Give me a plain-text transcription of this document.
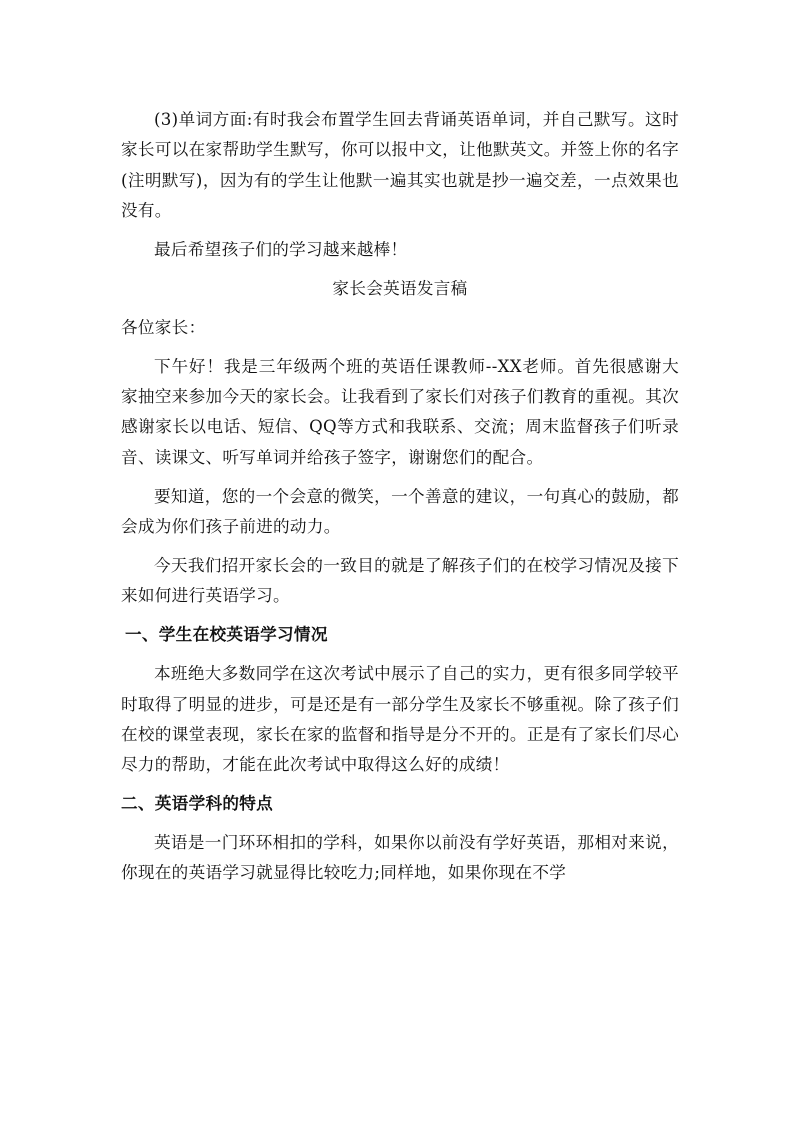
(3)单词方面:有时我会布置学生回去背诵英语单词，并自己默写。这时家长可以在家帮助学生默写，你可以报中文，让他默英文。并签上你的名字(注明默写)，因为有的学生让他默一遍其实也就是抄一遍交差，一点效果也没有。

最后希望孩子们的学习越来越棒！

家长会英语发言稿

各位家长：

下午好！我是三年级两个班的英语任课教师--XX老师。首先很感谢大家抽空来参加今天的家长会。让我看到了家长们对孩子们教育的重视。其次感谢家长以电话、短信、QQ等方式和我联系、交流；周末监督孩子们听录音、读课文、听写单词并给孩子签字，谢谢您们的配合。

要知道，您的一个会意的微笑，一个善意的建议，一句真心的鼓励，都会成为你们孩子前进的动力。

今天我们招开家长会的一致目的就是了解孩子们的在校学习情况及接下来如何进行英语学习。

一、学生在校英语学习情况

本班绝大多数同学在这次考试中展示了自己的实力，更有很多同学较平时取得了明显的进步，可是还是有一部分学生及家长不够重视。除了孩子们在校的课堂表现，家长在家的监督和指导是分不开的。正是有了家长们尽心尽力的帮助，才能在此次考试中取得这么好的成绩！

二、英语学科的特点

英语是一门环环相扣的学科，如果你以前没有学好英语，那相对来说，你现在的英语学习就显得比较吃力;同样地，如果你现在不学
